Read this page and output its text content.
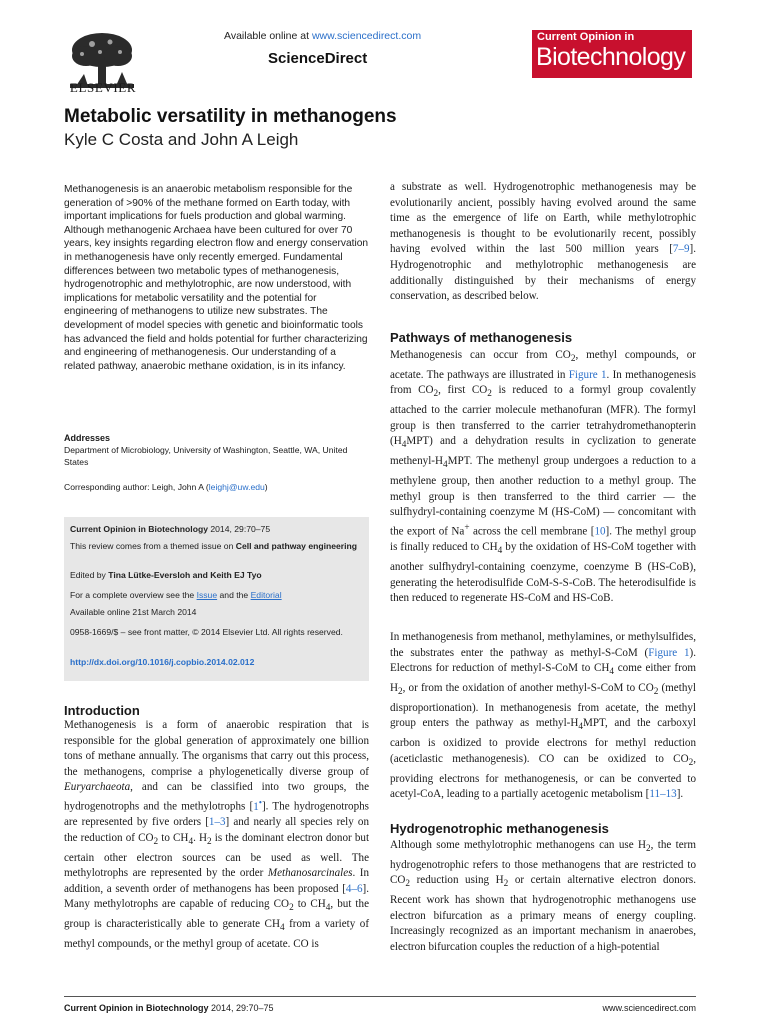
ELSEVIER
Available online at www.sciencedirect.com
ScienceDirect
Current Opinion in
Biotechnology
Metabolic versatility in methanogens
Kyle C Costa and John A Leigh
Methanogenesis is an anaerobic metabolism responsible for the generation of >90% of the methane formed on Earth today, with important implications for fuels production and global warming. Although methanogenic Archaea have been cultured for over 70 years, key insights regarding electron flow and energy conservation in methanogenesis have only recently emerged. Fundamental differences between two metabolic types of methanogenesis, hydrogenotrophic and methylotrophic, are now understood, with implications for metabolic versatility and the potential for engineering of methanogens to utilize new substrates. The development of model species with genetic and bioinformatic tools has advanced the field and holds potential for further characterizing and engineering of methanogenesis. Our understanding of a related pathway, anaerobic methane oxidation, is in its infancy.
Addresses
Department of Microbiology, University of Washington, Seattle, WA, United States
Corresponding author: Leigh, John A (leighj@uw.edu)
Current Opinion in Biotechnology 2014, 29:70–75
This review comes from a themed issue on Cell and pathway engineering
Edited by Tina Lütke-Eversloh and Keith EJ Tyo
For a complete overview see the Issue and the Editorial
Available online 21st March 2014
0958-1669/$ – see front matter, © 2014 Elsevier Ltd. All rights reserved.
http://dx.doi.org/10.1016/j.copbio.2014.02.012
Introduction
Methanogenesis is a form of anaerobic respiration that is responsible for the global generation of approximately one billion tons of methane annually. The organisms that carry out this process, the methanogens, comprise a phylogenetically diverse group of Euryarchaeota, and can be classified into two groups, the hydrogenotrophs and the methylotrophs [1•]. The hydrogenotrophs are represented by five orders [1–3] and nearly all species rely on the reduction of $CO_2$ to $CH_4$. $H_2$ is the dominant electron donor but certain other electron sources can be used as well. The methylotrophs are represented by the order Methanosarcinales. In addition, a seventh order of methanogens has been proposed [4–6]. Many methylotrophs are capable of reducing $CO_2$ to $CH_4$, but the group is characteristically able to generate $CH_4$ from a variety of methyl compounds, or the methyl group of acetate. CO is
a substrate as well. Hydrogenotrophic methanogenesis may be evolutionarily ancient, possibly having evolved around the same time as the emergence of life on Earth, while methylotrophic methanogenesis is thought to be evolutionarily recent, possibly having evolved within the last 500 million years [7–9]. Hydrogenotrophic and methylotrophic methanogenesis are additionally distinguished by their mechanisms of energy conservation, as described below.
Pathways of methanogenesis
Methanogenesis can occur from $CO_2$, methyl compounds, or acetate. The pathways are illustrated in Figure 1. In methanogenesis from $CO_2$, first $CO_2$ is reduced to a formyl group covalently attached to the carrier molecule methanofuran (MFR). The formyl group is then transferred to the carrier tetrahydromethanopterin $(H_4MPT)$ and a dehydration results in cyclization to generate methenyl-$H_4MPT$. The methenyl group undergoes a reduction to a methylene group, then another reduction to a methyl group. The methyl group is then transferred to the third carrier — the sulfhydryl-containing coenzyme M (HS-CoM) — concomitant with the export of Na+ across the cell membrane [10]. The methyl group is finally reduced to $CH_4$ by the oxidation of HS-CoM together with another sulfhydryl-containing coenzyme, coenzyme B (HS-CoB), generating the heterodisulfide CoM-S-S-CoB. The heterodisulfide is then reduced to regenerate HS-CoM and HS-CoB.
In methanogenesis from methanol, methylamines, or methylsulfides, the substrates enter the pathway as methyl-S-CoM (Figure 1). Electrons for reduction of methyl-S-CoM to $CH_4$ come either from $H_2$, or from the oxidation of another methyl-S-CoM to $CO_2$ (methyl disproportionation). In methanogenesis from acetate, the methyl group enters the pathway as methyl-$H_4MPT$, and the carboxyl carbon is oxidized to provide electrons for methyl reduction (aceticlastic methanogenesis). CO can be oxidized to $CO_2$, providing electrons for methanogenesis, or can be converted to acetyl-CoA, leading to a partially acetogenic metabolism [11–13].
Hydrogenotrophic methanogenesis
Although some methylotrophic methanogens can use $H_2$, the term hydrogenotrophic refers to those methanogens that are restricted to $CO_2$ reduction using $H_2$ or certain alternative electron donors. Recent work has shown that hydrogenotrophic methanogens use electron bifurcation as a primary means of energy coupling. Increasingly recognized as an important mechanism in anaerobes, electron bifurcation couples the reduction of a high-potential
Current Opinion in Biotechnology 2014, 29:70–75	www.sciencedirect.com
